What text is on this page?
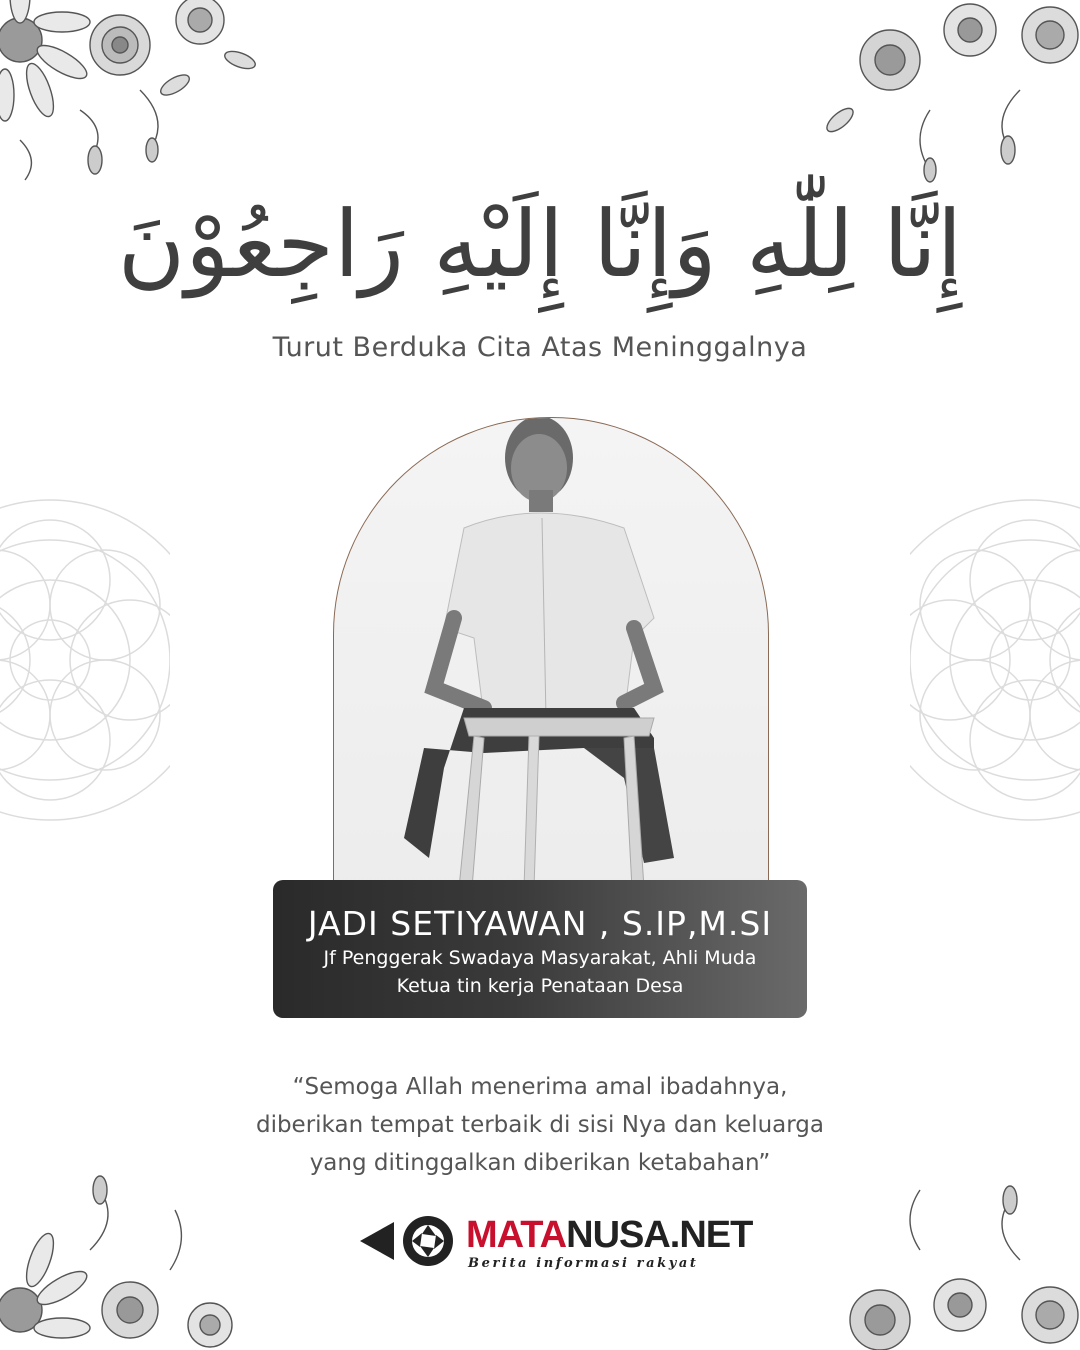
إِنَّا لِلّٰهِ وَإِنَّا إِلَيْهِ رَاجِعُوْنَ
Turut Berduka Cita Atas Meninggalnya
JADI SETIYAWAN , S.IP,M.SI
Jf Penggerak Swadaya Masyarakat, Ahli Muda
Ketua tin kerja Penataan Desa
“Semoga Allah menerima amal ibadahnya,
diberikan tempat terbaik di sisi Nya dan keluarga
yang ditinggalkan diberikan ketabahan”
MATANUSA.NET
Berita informasi rakyat
